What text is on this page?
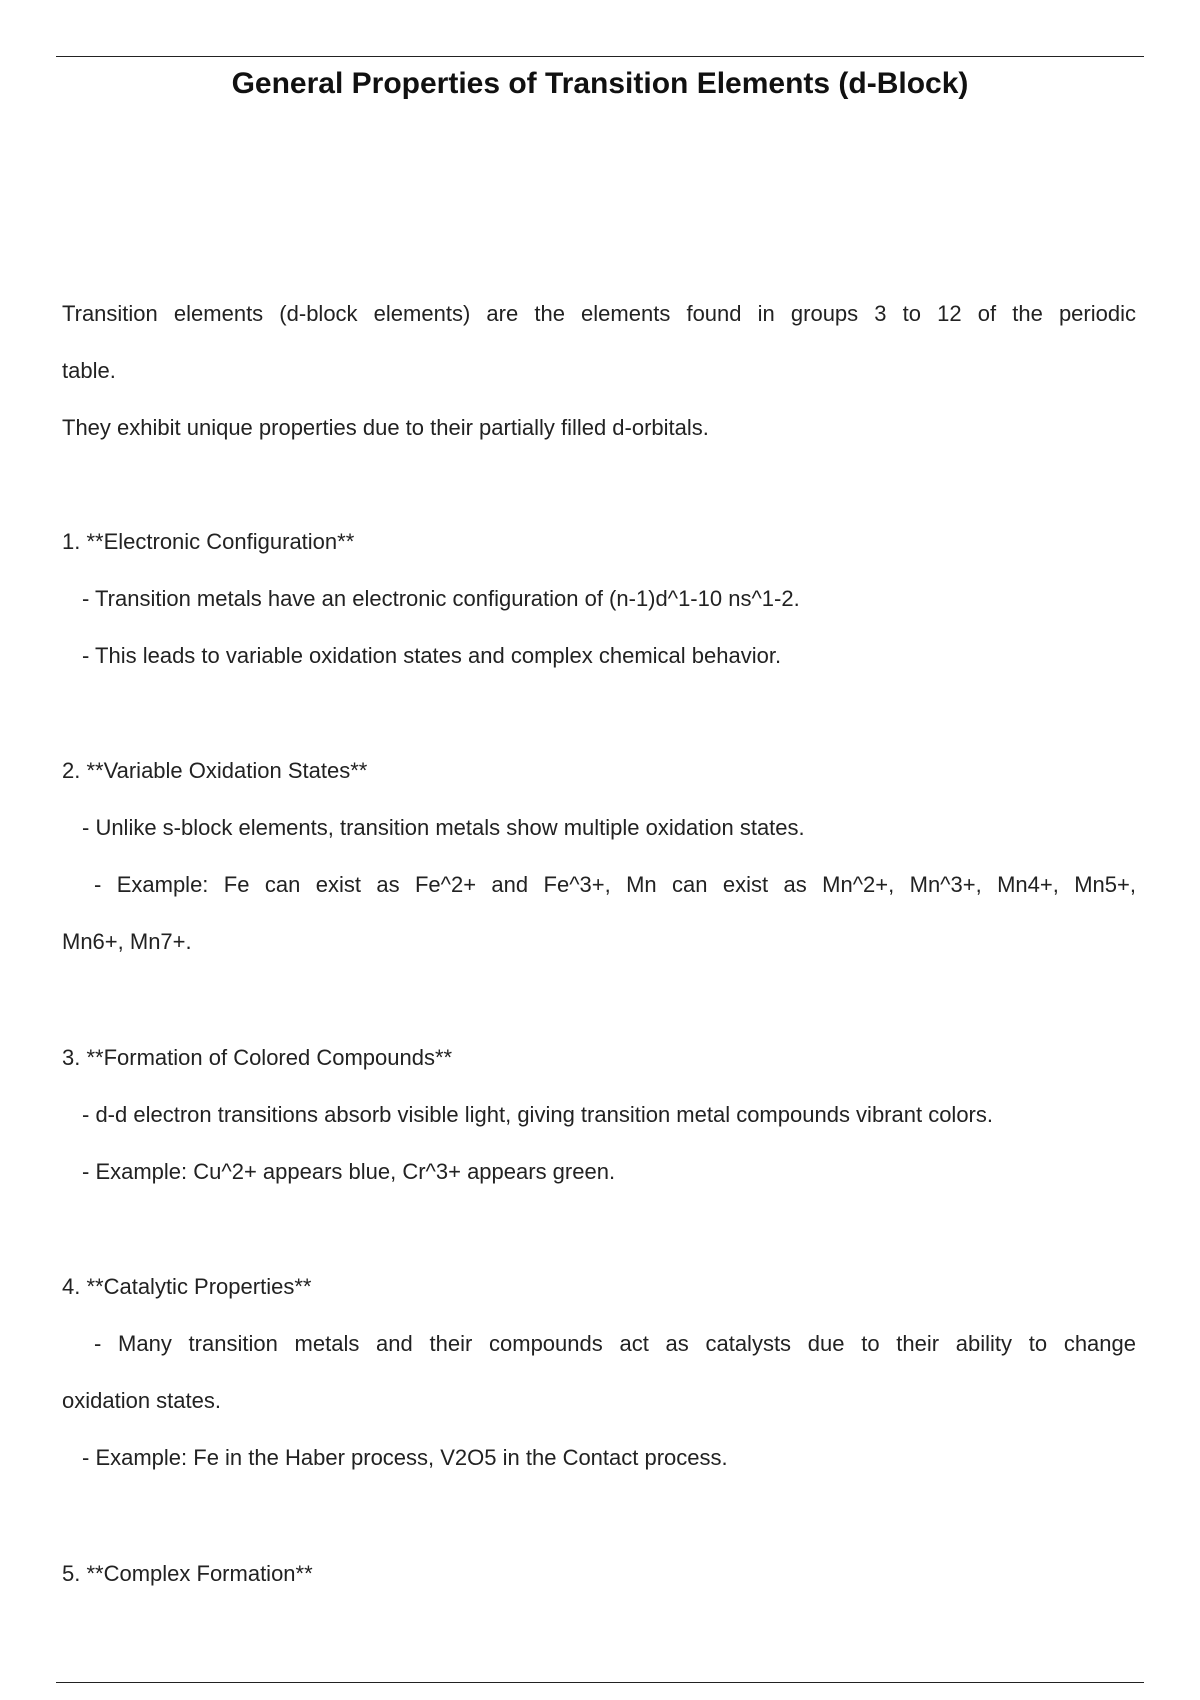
General Properties of Transition Elements (d-Block)
Transition elements (d-block elements) are the elements found in groups 3 to 12 of the periodic
table.
They exhibit unique properties due to their partially filled d-orbitals.
1. **Electronic Configuration**
- Transition metals have an electronic configuration of (n-1)d^1-10 ns^1-2.
- This leads to variable oxidation states and complex chemical behavior.
2. **Variable Oxidation States**
- Unlike s-block elements, transition metals show multiple oxidation states.
- Example: Fe can exist as Fe^2+ and Fe^3+, Mn can exist as Mn^2+, Mn^3+, Mn4+, Mn5+,
Mn6+, Mn7+.
3. **Formation of Colored Compounds**
- d-d electron transitions absorb visible light, giving transition metal compounds vibrant colors.
- Example: Cu^2+ appears blue, Cr^3+ appears green.
4. **Catalytic Properties**
- Many transition metals and their compounds act as catalysts due to their ability to change
oxidation states.
- Example: Fe in the Haber process, V2O5 in the Contact process.
5. **Complex Formation**
